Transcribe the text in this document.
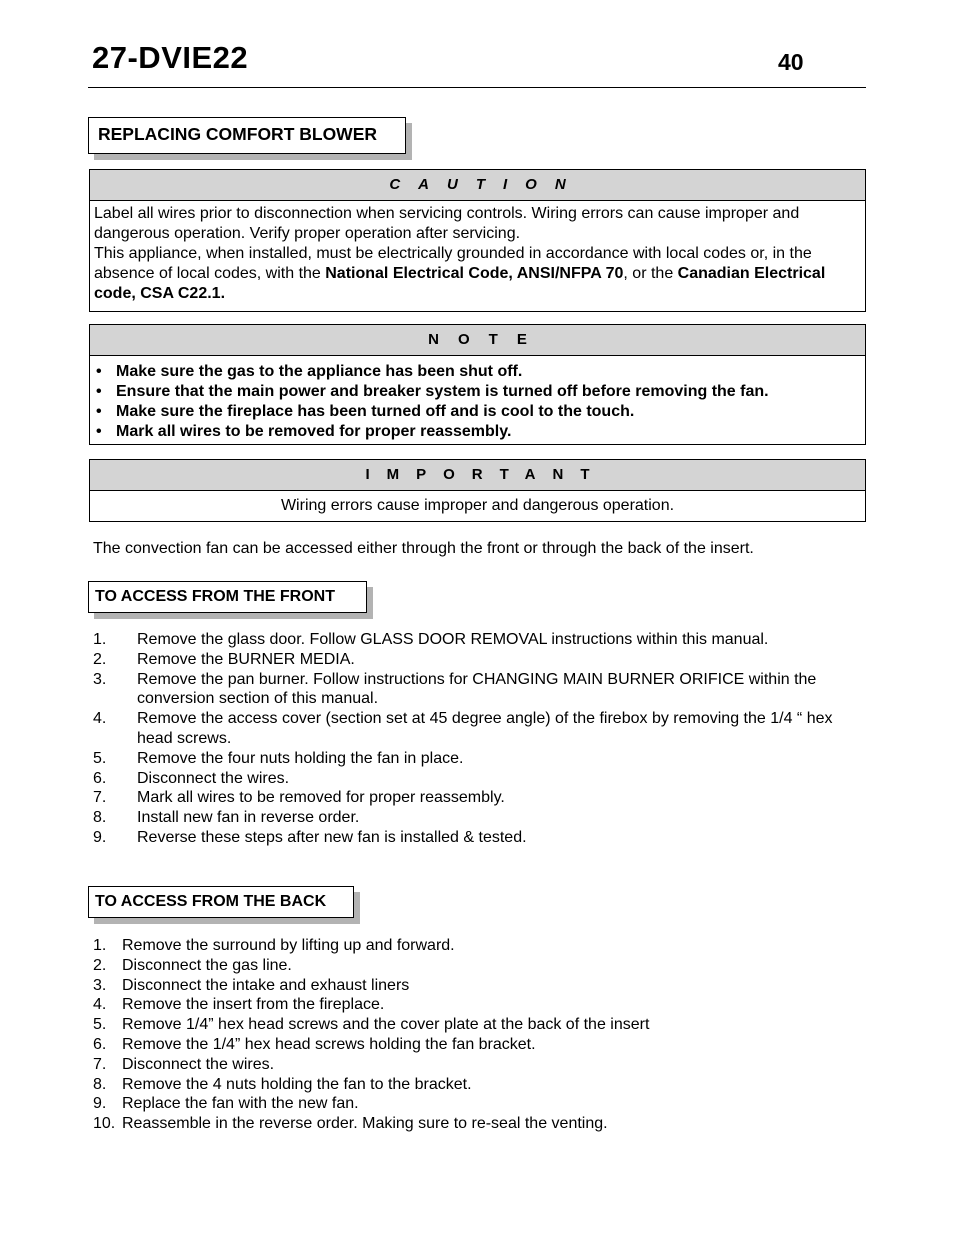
27-DVIE22	40
REPLACING COMFORT BLOWER
CAUTION

Label all wires prior to disconnection when servicing controls. Wiring errors can cause improper and dangerous operation. Verify proper operation after servicing.

This appliance, when installed, must be electrically grounded in accordance with local codes or, in the absence of local codes, with the National Electrical Code, ANSI/NFPA 70, or the Canadian Electrical code, CSA C22.1.

NOTE
• Make sure the gas to the appliance has been shut off.
• Ensure that the main power and breaker system is turned off before removing the fan.
• Make sure the fireplace has been turned off and is cool to the touch.
• Mark all wires to be removed for proper reassembly.
IMPORTANT
Wiring errors cause improper and dangerous operation.
The convection fan can be accessed either through the front or through the back of the insert.
TO ACCESS FROM THE FRONT
1. Remove the glass door. Follow GLASS DOOR REMOVAL instructions within this manual.
2. Remove the BURNER MEDIA.
3. Remove the pan burner. Follow instructions for CHANGING MAIN BURNER ORIFICE within the conversion section of this manual.
4. Remove the access cover (section set at 45 degree angle) of the firebox by removing the 1/4 “ hex head screws.
5. Remove the four nuts holding the fan in place.
6. Disconnect the wires.
7. Mark all wires to be removed for proper reassembly.
8. Install new fan in reverse order.
9. Reverse these steps after new fan is installed & tested.
TO ACCESS FROM THE BACK
1. Remove the surround by lifting up and forward.
2. Disconnect the gas line.
3. Disconnect the intake and exhaust liners
4. Remove the insert from the fireplace.
5. Remove 1/4” hex head screws and the cover plate at the back of the insert
6. Remove the 1/4” hex head screws holding the fan bracket.
7. Disconnect the wires.
8. Remove the 4 nuts holding the fan to the bracket.
9. Replace the fan with the new fan.
10. Reassemble in the reverse order. Making sure to re-seal the venting.
